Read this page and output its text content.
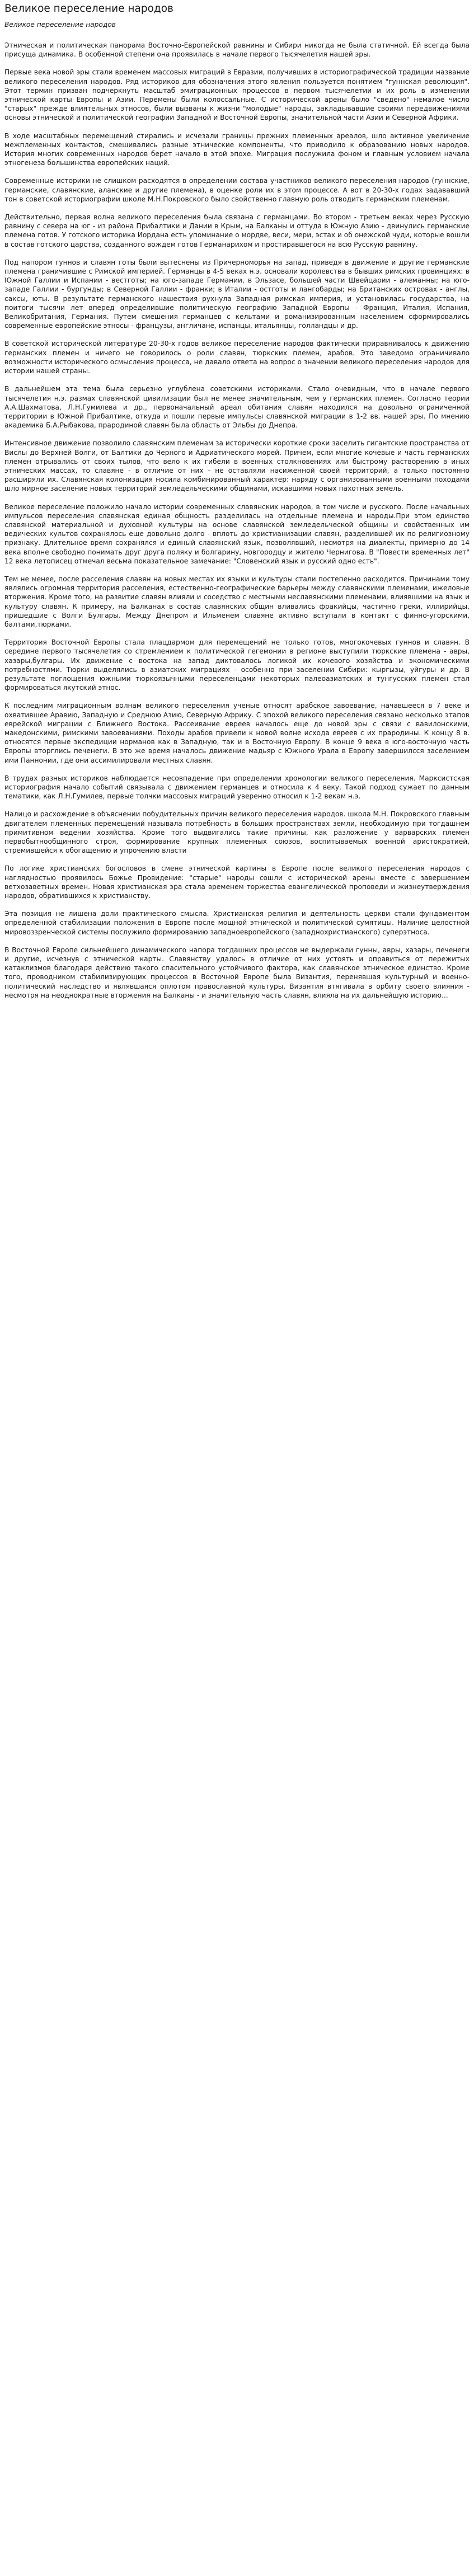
Великое переселение народов
Великое переселение народов

Этническая и политическая панорама Восточно-Европейской равнины и Сибири никогда не была статичной. Ей всегда была присуща динамика. В особенной степени она проявилась в начале первого тысячелетия нашей эры.

Первые века новой эры стали временем массовых миграций в Евразии, получивших в историографической традиции название великого переселения народов. Ряд историков для обозначения этого явления пользуется понятием "гуннская революция". Этот термин призван подчеркнуть масштаб эмиграционных процессов в первом тысячелетии и их роль в изменении этнической карты Европы и Азии. Перемены были колоссальные. С исторической арены было "сведено" немалое число "старых" прежде влиятельных этносов, были вызваны к жизни "молодые" народы, закладывавшие своими передвижениями основы этнической и политической географии Западной и Восточной Европы, значительной части Азии и Северной Африки.

В ходе масштабных перемещений стирались и исчезали границы прежних племенных ареалов, шло активное увеличение межплеменных контактов, смешивались разные этнические компоненты, что приводило к образованию новых народов. История многих современных народов берет начало в этой эпохе. Миграция послужила фоном и главным условием начала этногенеза большинства европейских наций.

Современные историки не слишком расходятся в определении состава участников великого переселения народов (гуннские, германские, славянские, аланские и другие племена), в оценке роли их в этом процессе. А вот в 20-30-х годах задававший тон в советской историографии школе М.Н.Покровского было свойственно главную роль отводить германским племенам.

Действительно, первая волна великого переселения была связана с германцами. Во втором - третьем веках через Русскую равнину с севера на юг - из района Прибалтики и Дании в Крым, на Балканы и оттуда в Южную Азию - двинулись германские племена готов. У готского историка Иордана есть упоминание о мордве, веси, мери, эстах и об онежской чуди, которые вошли в состав готского царства, созданного вождем готов Германарихом и простиравшегося на всю Русскую равнину.

Под напором гуннов и славян готы были вытеснены из Причерноморья на запад, приведя в движение и другие германские племена граничившие с Римской империей. Германцы в 4-5 веках н.э. основали королевства в бывших римских провинциях: в Южной Галлии и Испании - вестготы; на юго-западе Германии, в Эльзасе, большей части Швейцарии - алеманны; на юго-западе Галлии - бургунды; в Северной Галлии - франки; в Италии - остготы и лангобарды; на Британских островах - англы, саксы, юты. В результате германского нашествия рухнула Западная римская империя, и установилась государства, на поитоги тысячи лет вперед определившие политическую географию Западной Европы - Франция, Италия, Испания, Великобритания, Германия. Путем смешения германцев с кельтами и романизированным населением сформировались современные европейские этносы - французы, англичане, испанцы, итальянцы, голландцы и др.

В советской исторической литературе 20-30-х годов великое переселение народов фактически приравнивалось к движению германских племен и ничего не говорилось о роли славян, тюркских племен, арабов. Это заведомо ограничивало возможности исторического осмысления процесса, не давало ответа на вопрос о значении великого переселения народов для истории нашей страны.

В дальнейшем эта тема была серьезно углублена советскими историками. Стало очевидным, что в начале первого тысячелетия н.э. размах славянской цивилизации был не менее значительным, чем у германских племен. Согласно теории А.А.Шахматова, Л.Н.Гумилева и др., первоначальный ареал обитания славян находился на довольно ограниченной территории в Южной Прибалтике, откуда и пошли первые импульсы славянской миграции в 1-2 вв. нашей эры. По мнению академика Б.А.Рыбакова, прародиной славян была область от Эльбы до Днепра.

Интенсивное движение позволило славянским племенам за исторически короткие сроки заселить гигантские пространства от Вислы до Верхней Волги, от Балтики до Черного и Адриатического морей. Причем, если многие кочевые и часть германских племен отрывались от своих тылов, что вело к их гибели в военных столкновениях или быстрому растворению в иных этнических массах, то славяне - в отличие от них - не оставляли насиженной своей территорий, а только постоянно расширяли их. Славянская колонизация носила комбинированный характер: наряду с организованными военными походами шло мирное заселение новых территорий земледельческими общинами, искавшими новых пахотных земель.

Великое переселение положило начало истории современных славянских народов, в том числе и русского. После начальных импульсов переселения славянская единая общность разделилась на отдельные племена и народы.При этом единство славянской материальной и духовной культуры на основе славянской земледельческой общины и свойственных им ведических культов сохранялось еще довольно долго - вплоть до христианизации славян, разделившей их по религиозному признаку. Длительное время сохранялся и единый славянский язык, позволявший, несмотря на диалекты, примерно до 14 века вполне свободно понимать друг друга поляку и болгарину, новгородцу и жителю Чернигова. В "Повести временных лет" 12 века летописец отмечал весьма показательное замечание: "Словенский язык и русский одно есть".

Тем не менее, после расселения славян на новых местах их языки и культуры стали постепенно расходится. Причинами тому являлись огромная территория расселения, естественно-географические барьеры между славянскими племенами, ижеловые вторжения. Кроме того, на развитие славян влияли и соседство с местными неславянскими племенами, влиявшими на язык и культуру славян. К примеру, на Балканах в состав славянских общин вливались фракийцы, частично греки, иллирийцы, пришедшие с Волги Булгары. Между Днепром и Ильменем славяне активно вступали в контакт с финно-угорскими, балтами,тюрками.

Территория Восточной Европы стала плацдармом для перемещений не только готов, многокочевых гуннов и славян. В середине первого тысячелетия со стремлением к политической гегемонии в регионе выступили тюркские племена - авры, хазары,булгары. Их движение с востока на запад диктовалось логикой их кочевого хозяйства и экономическими потребностями. Тюрки выделялись в азиатских миграциях - особенно при заселении Сибири: кыргызы, уйгуры и др. В результате поглощения южными тюркоязычными переселенцами некоторых палеоазиатских и тунгусских племен стал формироваться якутский этнос.

К последним миграционным волнам великого переселения ученые относят арабское завоевание, начавшееся в 7 веке и охватившее Аравию, Западную и Среднюю Азию, Северную Африку. С эпохой великого переселения связано несколько этапов еврейской миграции с Ближнего Востока. Рассеивание евреев началось еще до новой эры с связи с вавилонскими, македонскими, римскими завоеваниями. Походы арабов привели к новой волне исхода евреев с их прародины. К концу 8 в. относятся первые экспедиции норманов как в Западную, так и в Восточную Европу. В конце 9 века в юго-восточную часть Европы вторглись печенеги. В это же время началось движение мадьяр с Южного Урала в Европу завершилсся заселением ими Паннонии, где они ассимилировали местных славян.

В трудах разных историков наблюдается несовпадение при определении хронологии великого переселения. Марксистская историография начало событий связывала с движением германцев и относила к 4 веку. Такой подход сужает по данным тематики, как Л.Н.Гумилев, первые толчки массовых миграций уверенно относил к 1-2 векам н.э.

Налицо и расхождение в объяснении побудительных причин великого переселения народов. школа М.Н. Покровского главным двигателем племенных перемещений называла потребность в больших пространствах земли, необходимую при тогдашнем примитивном ведении хозяйства. Кроме того выдвигались такие причины, как разложение у варварских племен первобытнообщинного строя, формирование крупных племенных союзов, воспитываемых военной аристократией, стремившейся к обогащению и упрочению власти

По логике христианских богословов в смене этнической картины в Европе после великого переселения народов с наглядностью проявилось Божье Провидение: "старые" народы сошли с исторической арены вместе с завершением ветхозаветных времен. Новая христианская эра стала временем торжества евангелической проповеди и жизнеутверждения народов, обратившихся к христианству.

Эта позиция не лишена доли практического смысла. Христианская религия и деятельность церкви стали фундаментом определенной стабилизации положения в Европе после мощной этнической и политической сумятицы. Наличие целостной мировоззренческой системы послужило формированию западноевропейского (западнохристианского) суперэтноса.

В Восточной Европе сильнейшего динамического напора тогдашних процессов не выдержали гунны, авры, хазары, печенеги и другие, исчезнув с этнической карты. Славянству удалось в отличие от них устоять и оправиться от пережитых катаклизмов благодаря действию такого спасительного устойчивого фактора, как славянское этническое единство. Кроме того, проводником стабилизирующих процессов в Восточной Европе была Византия, перенявшая культурный и военно-политический наследство и являвшаяся оплотом православной культуры. Византия втягивала в орбиту своего влияния - несмотря на неоднократные вторжения на Балканы - и значительную часть славян, влияла на их дальнейшую историю...
